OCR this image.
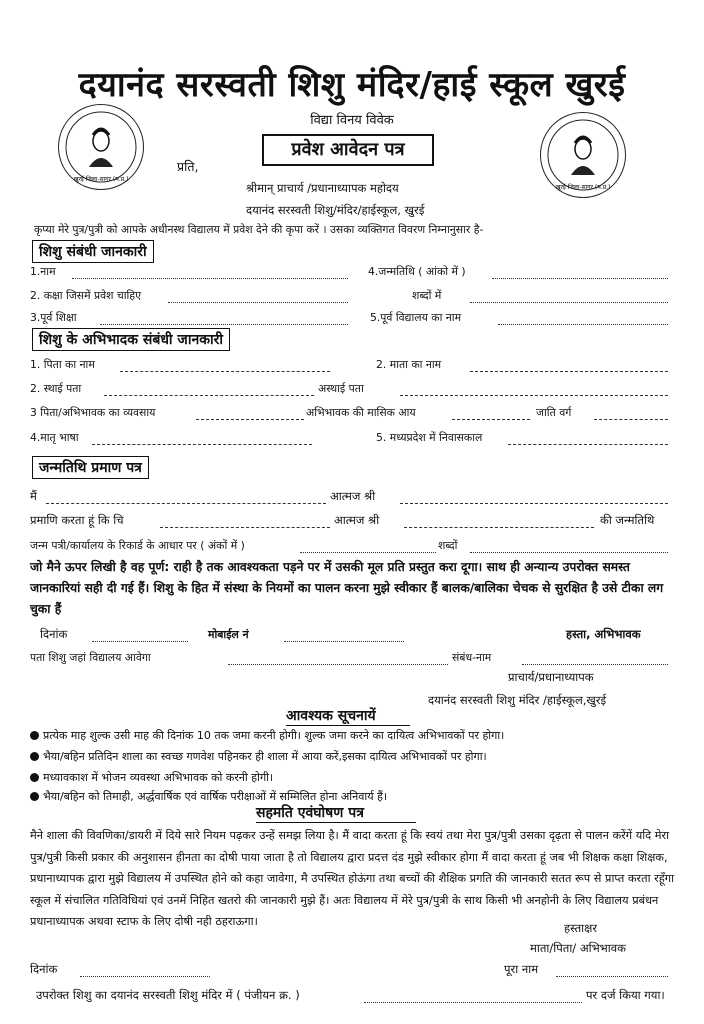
दयानंद सरस्वती शिशु मंदिर/हाई स्कूल खुरई
विद्या विनय विवेक
प्रवेश आवेदन पत्र
खुरई जिला-सागर (म.प्र.)
खुरई जिला-सागर (म.प्र.)
प्रति,
श्रीमान् प्राचार्य /प्रधानाध्यापक महोदय
दयानंद सरस्वती शिशु/मंदिर/हाईस्कूल, खुरई
कृप्या मेरे पुत्र/पुत्री को आपके अधीनस्थ विद्यालय में प्रवेश देने की कृपा करें । उसका व्यक्तिगत विवरण निम्नानुसार है-
शिशु संबंधी जानकारी
1.नाम	4.जन्मतिथि ( आंको में )
2. कक्षा जिसमें प्रवेश चाहिए	शब्दों में
3.पूर्व शिक्षा	5.पूर्व विद्यालय का नाम
शिशु के अभिभादक संबंधी जानकारी
1. पिता का नाम	2. माता का नाम
2. स्थाई पता	अस्थाई पता
3 पिता/अभिभावक का व्यवसाय	अभिभावक की मासिक आय	जाति वर्ग
4.मातृ भाषा	5. मध्यप्रदेश में निवासकाल
जन्मतिथि प्रमाण पत्र
मैं	आत्मज श्री
प्रमाणि करता हूं कि चि	आत्मज श्री	की जन्मतिथि
जन्म पत्री/कार्यालय के रिकार्ड के आधार पर ( अंकों में )	शब्दों
जो मैने ऊपर लिखी है वह पूर्ण: राही है तक आवश्यकता पड़ने पर में उसकी मूल प्रति प्रस्तुत करा दूगा। साथ ही अन्यान्य उपरोक्त समस्त जानकारियां सही दी गई हैं। शिशु के हित में संस्था के नियमों का पालन करना मुझे स्वीकार हैं बालक/बालिका चेचक से सुरक्षित है उसे टीका लग चुका हैं
दिनांक	मोबाईल नं	हस्ता, अभिभावक
पता शिशु जहां विद्यालय आवेगा	संबंध-नाम
प्राचार्य/प्रधानाध्यापक
दयानंद सरस्वती शिशु मंदिर /हाईस्कूल,खुरई
आवश्यक सूचनायें
प्रत्येक माह शुल्क उसी माह की दिनांक 10 तक जमा करनी होगी। शुल्क जमा करने का दायित्व अभिभावकों पर होगा।
भैया/बहिन प्रतिदिन शाला का स्वच्छ गणवेश पहिनकर ही शाला में आया करें,इसका दायित्व अभिभावकों पर होगा।
मध्यावकाश में भोजन व्यवस्था अभिभावक को करनी होगी।
भैया/बहिन को तिमाही, अर्द्धवार्षिक एवं वार्षिक परीक्षाओं में सम्मिलित होना अनिवार्य हैं।
सहमति एवंघोषण पत्र
मैने शाला की विवणिका/डायरी में दिये सारे नियम पढ़कर उन्हें समझ लिया है। मैं वादा करता हूं कि स्वयं तथा मेरा पुत्र/पुत्री उसका दृढ़ता से पालन करेंगें यदि मेरा पुत्र/पुत्री किसी प्रकार की अनुशासन हीनता का दोषी पाया जाता है तो विद्यालय द्वारा प्रदत्त दंड मुझे स्वीकार होगा मैं वादा करता हूं जब भी शिक्षक कक्षा शिक्षक, प्रधानाध्यापक द्वारा मुझे विद्यालय में उपस्थित होने को कहा जावेगा, मै उपस्थित होऊंगा तथा बच्चों की शैक्षिक प्रगति की जानकारी सतत रूप से प्राप्त करता रहूँगा स्कूल में संचालित गतिविधियां एवं उनमें निहित खतरो की जानकारी मुझे हैं। अतः विद्यालय में मेरे पुत्र/पुत्री के साथ किसी भी अनहोनी के लिए विद्यालय प्रबंधन प्रधानाध्यापक अथवा स्टाफ के लिए दोषी नही ठहराऊगा।	हस्ताक्षर
माता/पिता/ अभिभावक
दिनांक	पूरा नाम
उपरोक्त शिशु का दयानंद सरस्वती शिशु मंदिर में ( पंजीयन क्र. )	पर दर्ज किया गया।
